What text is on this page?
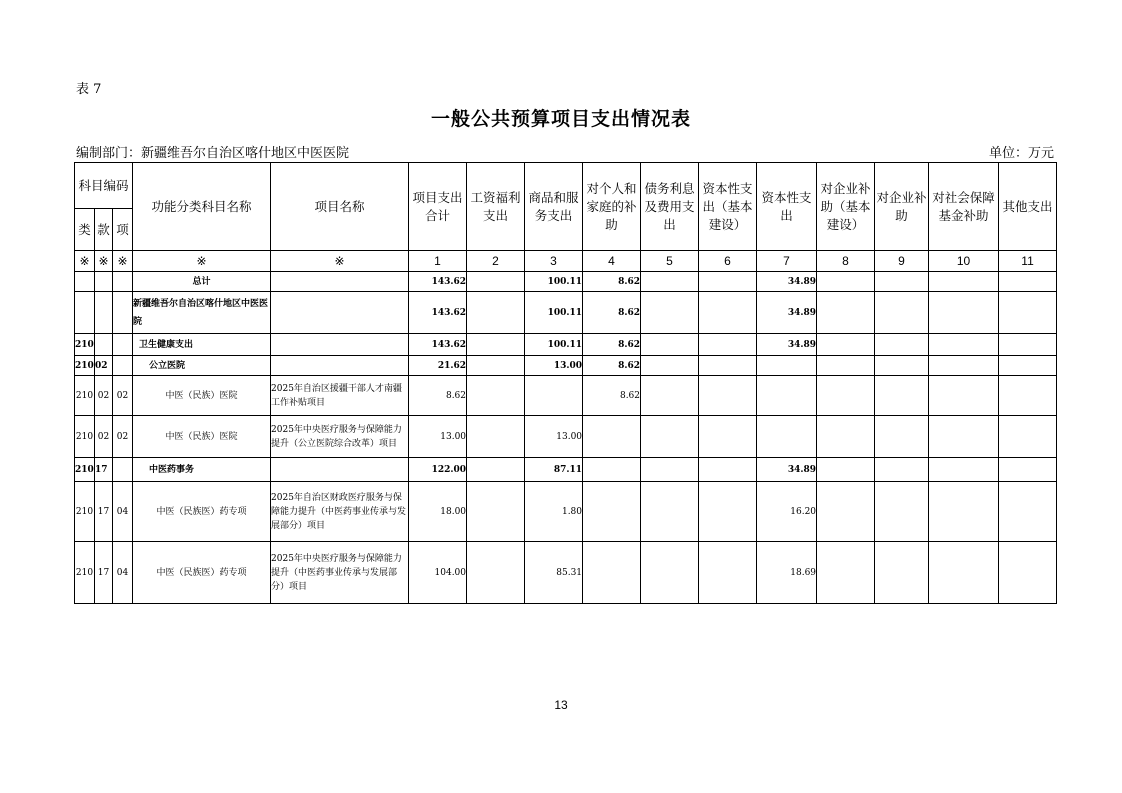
表 7
一般公共预算项目支出情况表
编制部门：新疆维吾尔自治区喀什地区中医医院	单位：万元
科目编码			功能分类科目名称	项目名称	项目支出合计	工资福利支出	商品和服务支出	对个人和家庭的补助	债务利息及费用支出	资本性支出（基本建设）	资本性支出	对企业补助（基本建设）	对企业补助	对社会保障基金补助	其他支出
类	款	项													
※	※	※	※	※	1	2	3	4	5	6	7	8	9	10	11
			总计		143.62		100.11	8.62			34.89				
			新疆维吾尔自治区喀什地区中医医院		143.62		100.11	8.62			34.89				
210			卫生健康支出		143.62		100.11	8.62			34.89				
210	02		公立医院		21.62		13.00	8.62							
210	02	02	中医（民族）医院	2025年自治区援疆干部人才南疆工作补贴项目	8.62			8.62							
210	02	02	中医（民族）医院	2025年中央医疗服务与保障能力提升（公立医院综合改革）项目	13.00		13.00								
210	17		中医药事务		122.00		87.11				34.89				
210	17	04	中医（民族医）药专项	2025年自治区财政医疗服务与保障能力提升（中医药事业传承与发展部分）项目	18.00		1.80				16.20				
210	17	04	中医（民族医）药专项	2025年中央医疗服务与保障能力提升（中医药事业传承与发展部分）项目	104.00		85.31				18.69				
13
